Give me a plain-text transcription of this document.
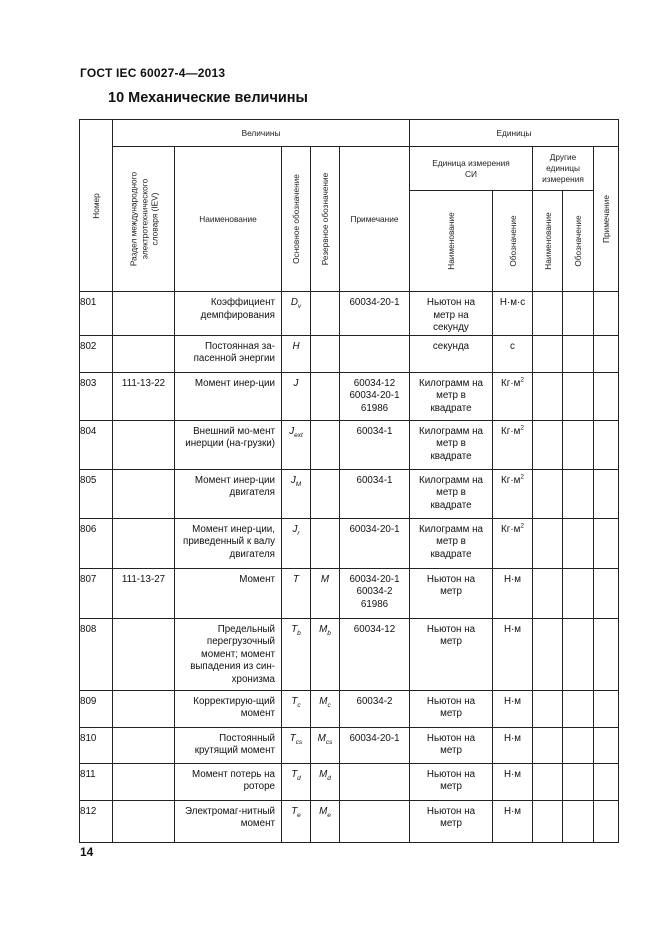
ГОСТ IEC 60027-4—2013
10 Механические величины
Номер	Величины					Единицы				

	Раздел международного электротехнического словаря (IEV)	Наименование	Основное обозначение	Резервное обозначение	Примечание	Единица измерения СИ		Другие единицы измерения		Примечание

						Наименование	Обозначение	Наименование	Обозначение	

801		Коэффициент демпфирования	$D_v$		60034-20-1	Ньютон на метр на секунду	Н·м·с			
802		Постоянная за-пасенной энергии	H			секунда	с			
803	111-13-22	Момент инер-ции	J		60034-12 60034-20-1 61986	Килограмм на метр в квадрате	$Кг\cdot м^2$			
804		Внешний мо-мент инерции (на-грузки)	$J_{ext}$		60034-1	Килограмм на метр в квадрате	$Кг\cdot м^2$			
805		Момент инер-ции двигателя	$J_M$		60034-1	Килограмм на метр в квадрате	$Кг\cdot м^2$			
806		Момент инер-ции, приведенный к валу двигателя	$J_r$		60034-20-1	Килограмм на метр в квадрате	$Кг\cdot м^2$			
807	111-13-27	Момент	T	M	60034-20-1 60034-2 61986	Ньютон на метр	Н·м			
808		Предельный перегрузочный момент; момент выпадения из син-хронизма	$T_b$	$M_b$	60034-12	Ньютон на метр	Н·м			
809		Корректирую-щий момент	$T_c$	$M_c$	60034-2	Ньютон на метр	Н·м			
810		Постоянный крутящий момент	$T_{cs}$	$M_{cs}$	60034-20-1	Ньютон на метр	Н·м			
811		Момент потерь на роторе	$T_d$	$M_d$		Ньютон на метр	Н·м			
812		Электромаг-нитный момент	$T_e$	$M_e$		Ньютон на метр	Н·м			
14
